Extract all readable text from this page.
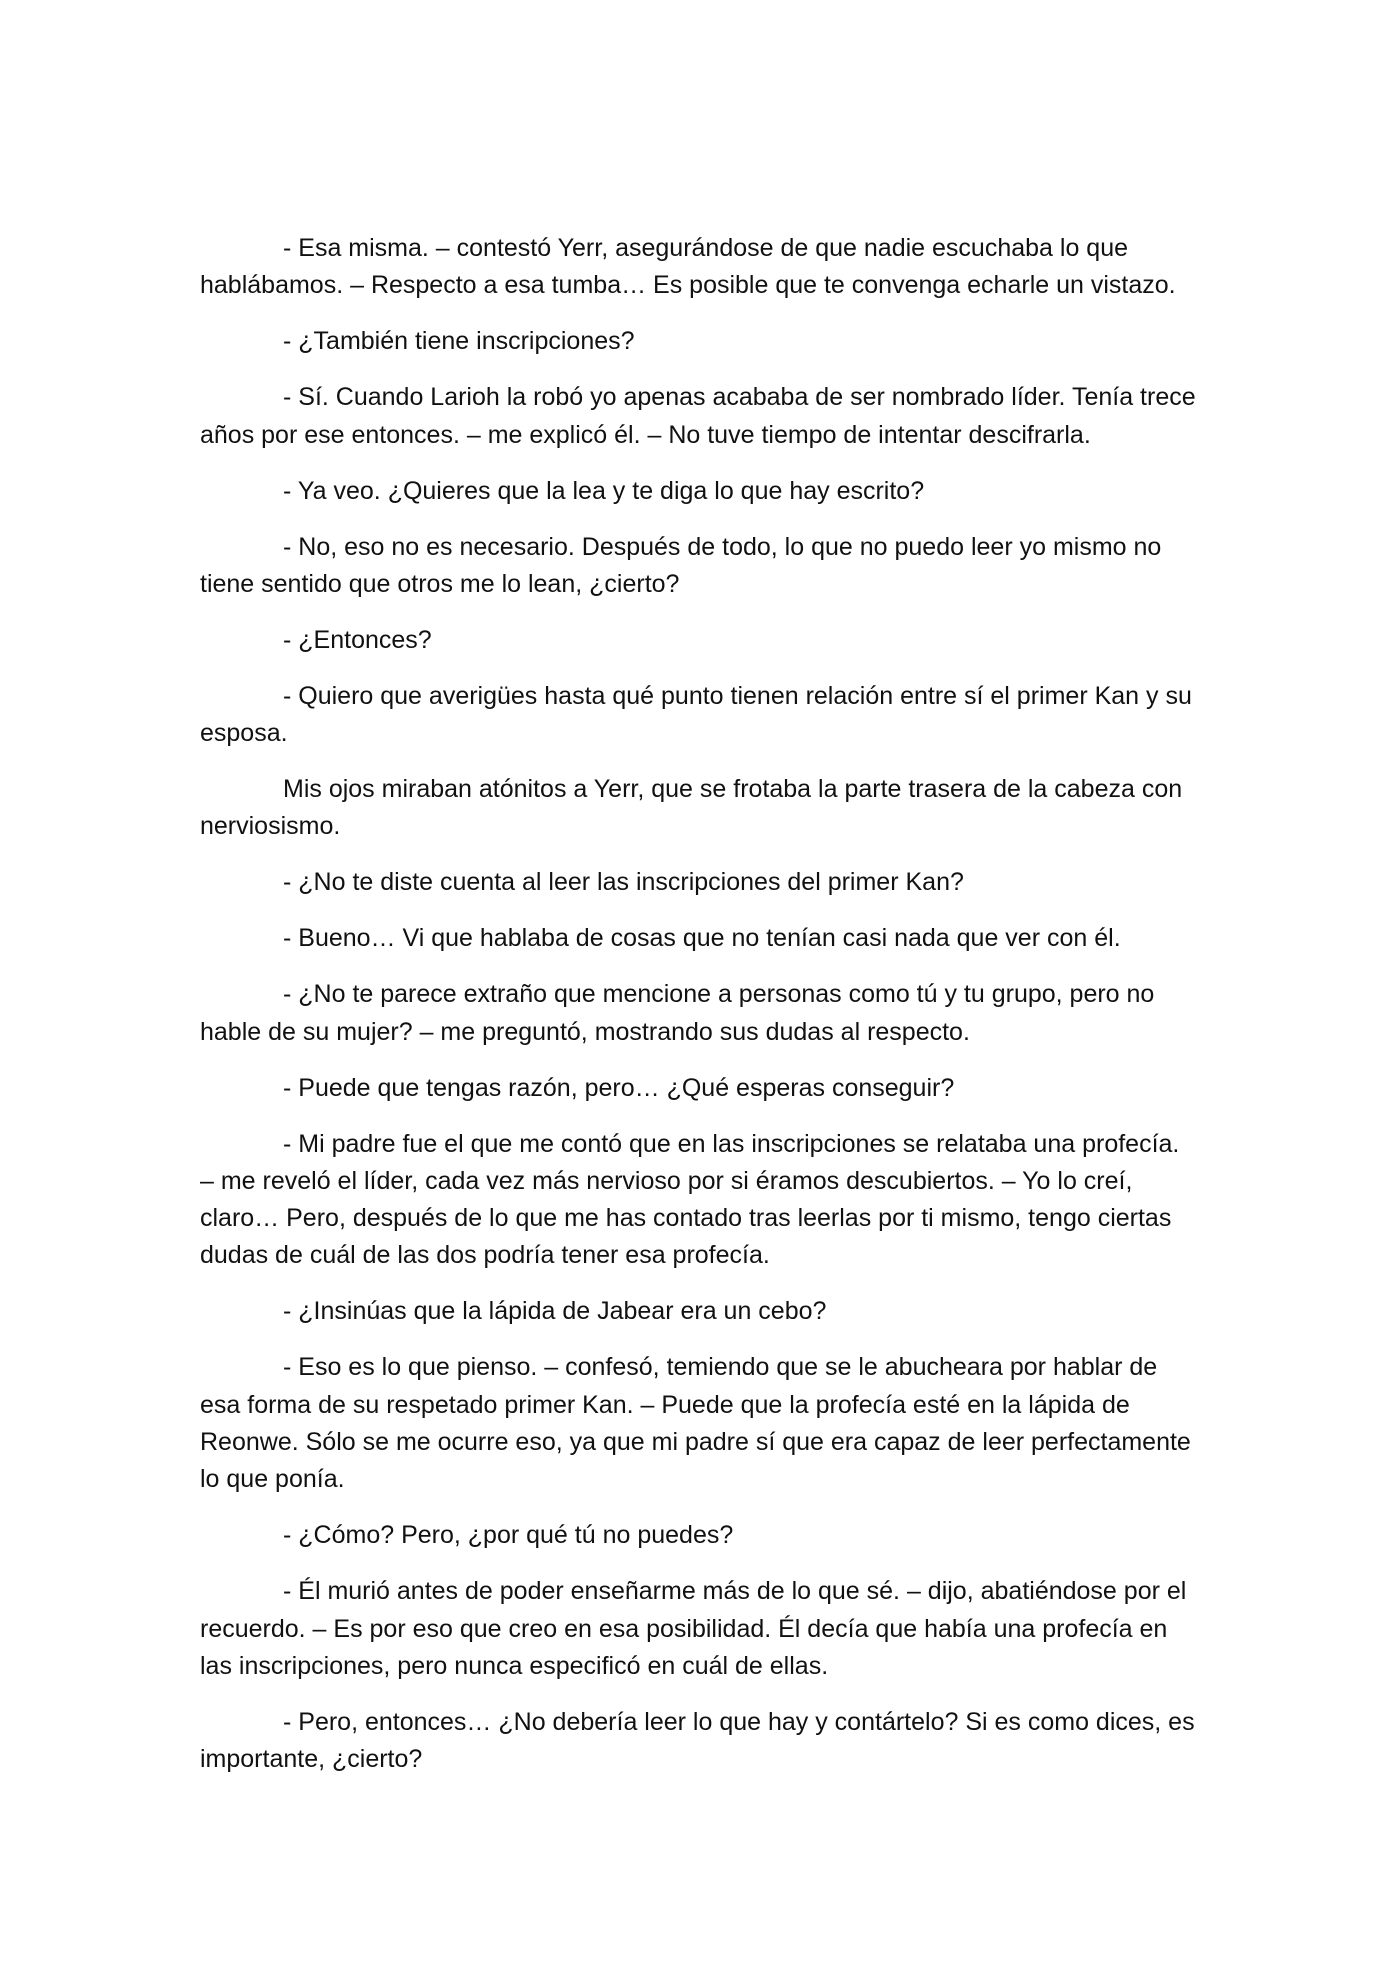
- Esa misma. – contestó Yerr, asegurándose de que nadie escuchaba lo que hablábamos. – Respecto a esa tumba… Es posible que te convenga echarle un vistazo.

- ¿También tiene inscripciones?

- Sí. Cuando Larioh la robó yo apenas acababa de ser nombrado líder. Tenía trece años por ese entonces. – me explicó él. – No tuve tiempo de intentar descifrarla.

- Ya veo. ¿Quieres que la lea y te diga lo que hay escrito?

- No, eso no es necesario. Después de todo, lo que no puedo leer yo mismo no tiene sentido que otros me lo lean, ¿cierto?

- ¿Entonces?

- Quiero que averigües hasta qué punto tienen relación entre sí el primer Kan y su esposa.

Mis ojos miraban atónitos a Yerr, que se frotaba la parte trasera de la cabeza con nerviosismo.

- ¿No te diste cuenta al leer las inscripciones del primer Kan?

- Bueno… Vi que hablaba de cosas que no tenían casi nada que ver con él.

- ¿No te parece extraño que mencione a personas como tú y tu grupo, pero no hable de su mujer? – me preguntó, mostrando sus dudas al respecto.

- Puede que tengas razón, pero… ¿Qué esperas conseguir?

- Mi padre fue el que me contó que en las inscripciones se relataba una profecía. – me reveló el líder, cada vez más nervioso por si éramos descubiertos. – Yo lo creí, claro… Pero, después de lo que me has contado tras leerlas por ti mismo, tengo ciertas dudas de cuál de las dos podría tener esa profecía.

- ¿Insinúas que la lápida de Jabear era un cebo?

- Eso es lo que pienso. – confesó, temiendo que se le abucheara por hablar de esa forma de su respetado primer Kan. – Puede que la profecía esté en la lápida de Reonwe. Sólo se me ocurre eso, ya que mi padre sí que era capaz de leer perfectamente lo que ponía.

- ¿Cómo? Pero, ¿por qué tú no puedes?

- Él murió antes de poder enseñarme más de lo que sé. – dijo, abatiéndose por el recuerdo. – Es por eso que creo en esa posibilidad. Él decía que había una profecía en las inscripciones, pero nunca especificó en cuál de ellas.

- Pero, entonces… ¿No debería leer lo que hay y contártelo? Si es como dices, es importante, ¿cierto?
